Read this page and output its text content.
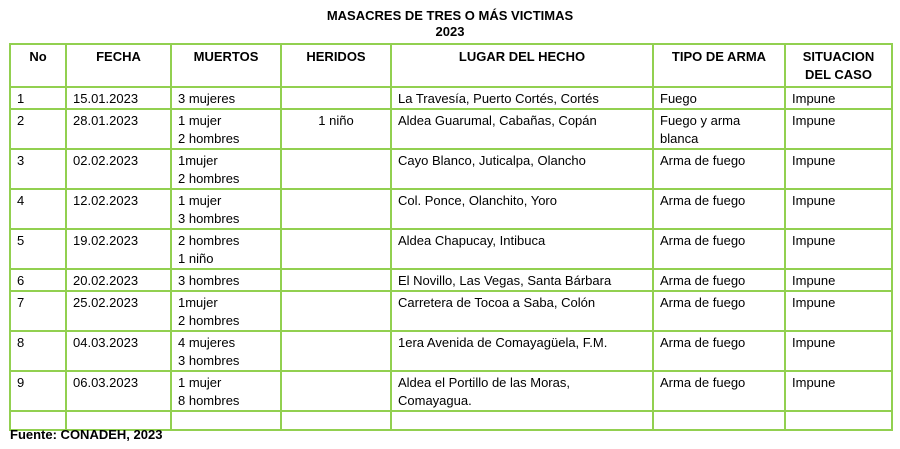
MASACRES DE TRES O MÁS VICTIMAS
2023
No	FECHA	MUERTOS	HERIDOS	LUGAR DEL HECHO	TIPO DE ARMA	SITUACION
DEL CASO

1	15.01.2023	3 mujeres		La Travesía, Puerto Cortés, Cortés	Fuego	Impune
2	28.01.2023	1 mujer
2 hombres	1 niño	Aldea Guarumal, Cabañas, Copán	Fuego y arma
blanca	Impune
3	02.02.2023	1mujer
2 hombres		Cayo Blanco, Juticalpa, Olancho	Arma de fuego	Impune
4	12.02.2023	1 mujer
3 hombres		Col. Ponce, Olanchito, Yoro	Arma de fuego	Impune
5	19.02.2023	2 hombres
1 niño		Aldea Chapucay, Intibuca	Arma de fuego	Impune
6	20.02.2023	3 hombres		El Novillo, Las Vegas, Santa Bárbara	Arma de fuego	Impune
7	25.02.2023	1mujer
2 hombres		Carretera de Tocoa a Saba, Colón	Arma de fuego	Impune
8	04.03.2023	4 mujeres
3 hombres		1era Avenida de Comayagüela, F.M.	Arma de fuego	Impune
9	06.03.2023	1 mujer
8 hombres		Aldea el Portillo de las Moras,
Comayagua.	Arma de fuego	Impune

Fuente: CONADEH, 2023
